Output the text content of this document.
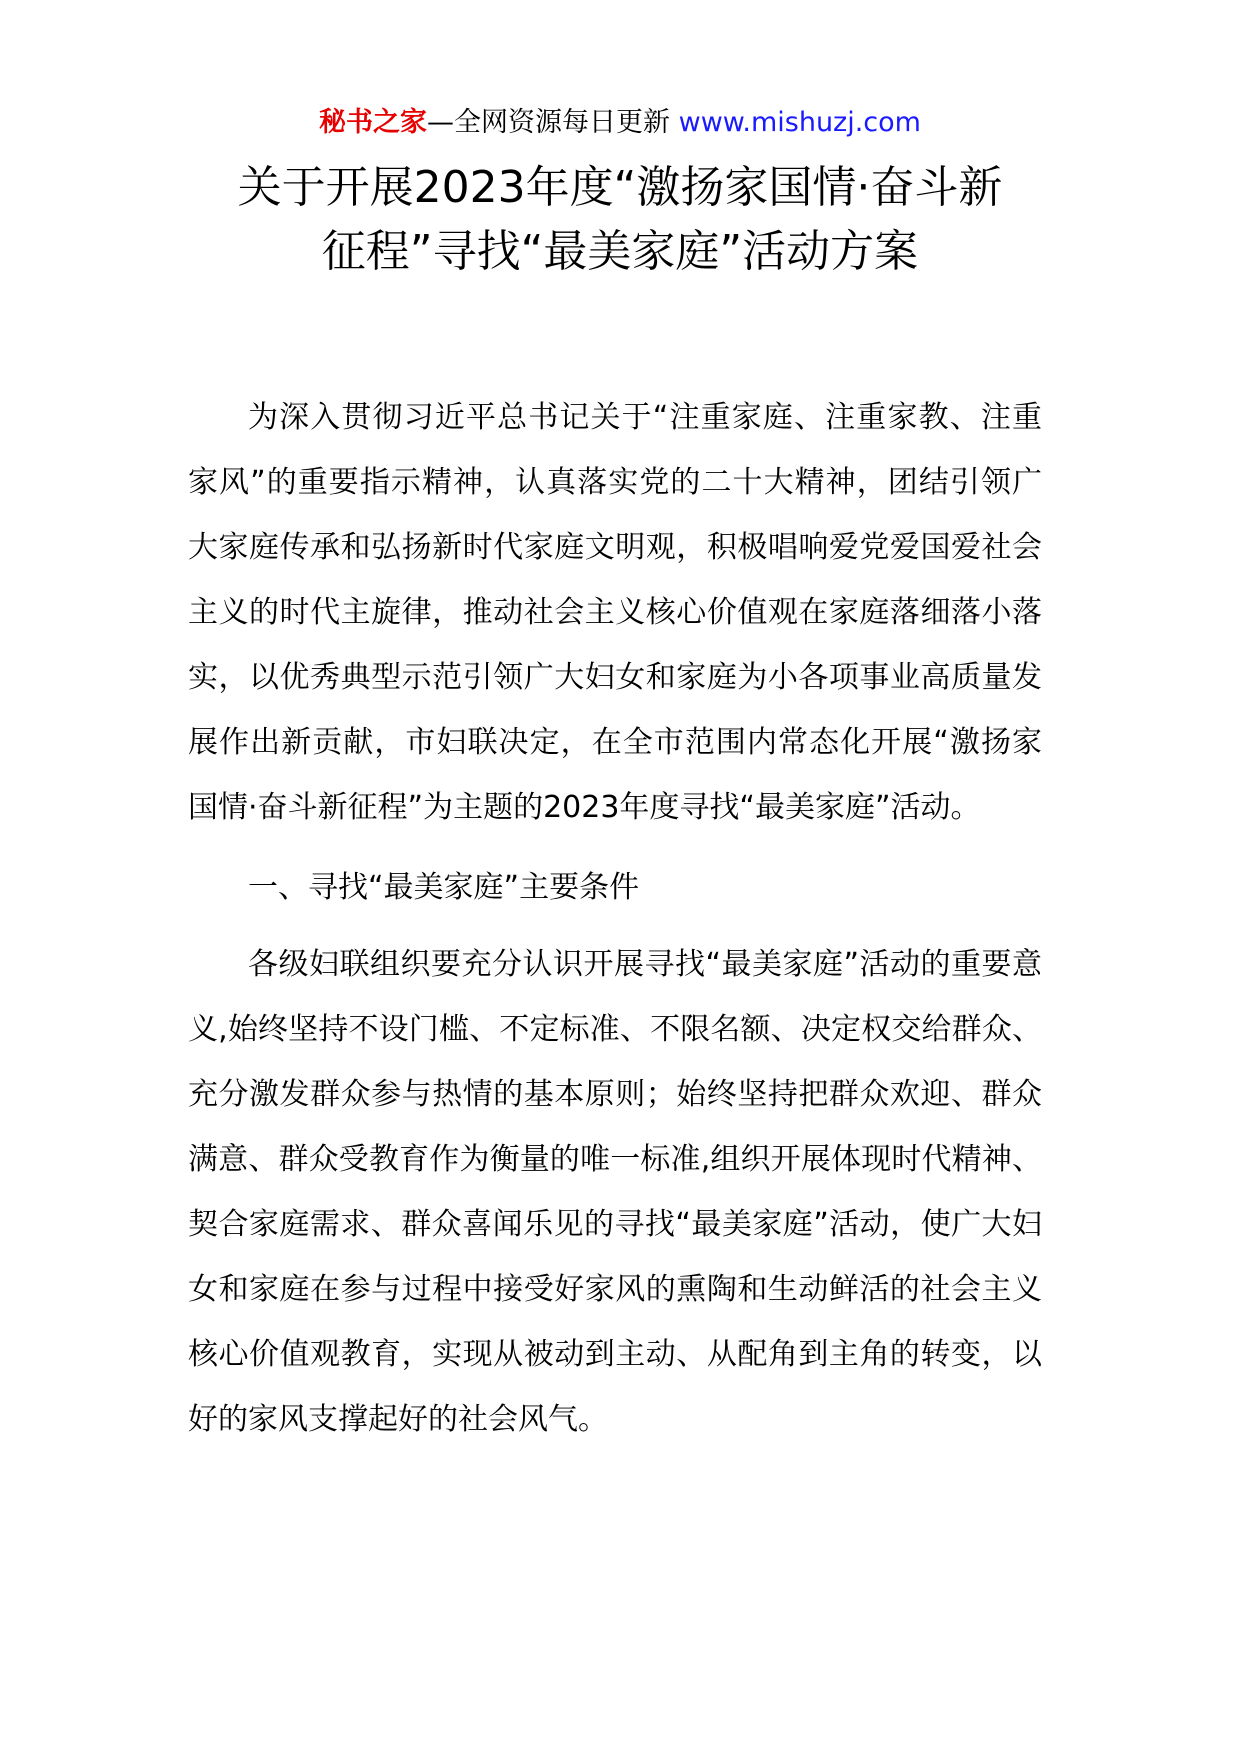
秘书之家—全网资源每日更新 www.mishuzj.com
关于开展2023年度“激扬家国情·奋斗新
征程”寻找“最美家庭”活动方案

为深入贯彻习近平总书记关于“注重家庭、注重家教、注重家风”的重要指示精神，认真落实党的二十大精神，团结引领广大家庭传承和弘扬新时代家庭文明观，积极唱响爱党爱国爱社会主义的时代主旋律，推动社会主义核心价值观在家庭落细落小落实，以优秀典型示范引领广大妇女和家庭为小各项事业高质量发展作出新贡献，市妇联决定，在全市范围内常态化开展“激扬家国情·奋斗新征程”为主题的2023年度寻找“最美家庭”活动。

一、寻找“最美家庭”主要条件

各级妇联组织要充分认识开展寻找“最美家庭”活动的重要意义,始终坚持不设门槛、不定标准、不限名额、决定权交给群众、充分激发群众参与热情的基本原则；始终坚持把群众欢迎、群众满意、群众受教育作为衡量的唯一标准,组织开展体现时代精神、契合家庭需求、群众喜闻乐见的寻找“最美家庭”活动，使广大妇女和家庭在参与过程中接受好家风的熏陶和生动鲜活的社会主义核心价值观教育，实现从被动到主动、从配角到主角的转变，以好的家风支撑起好的社会风气。
